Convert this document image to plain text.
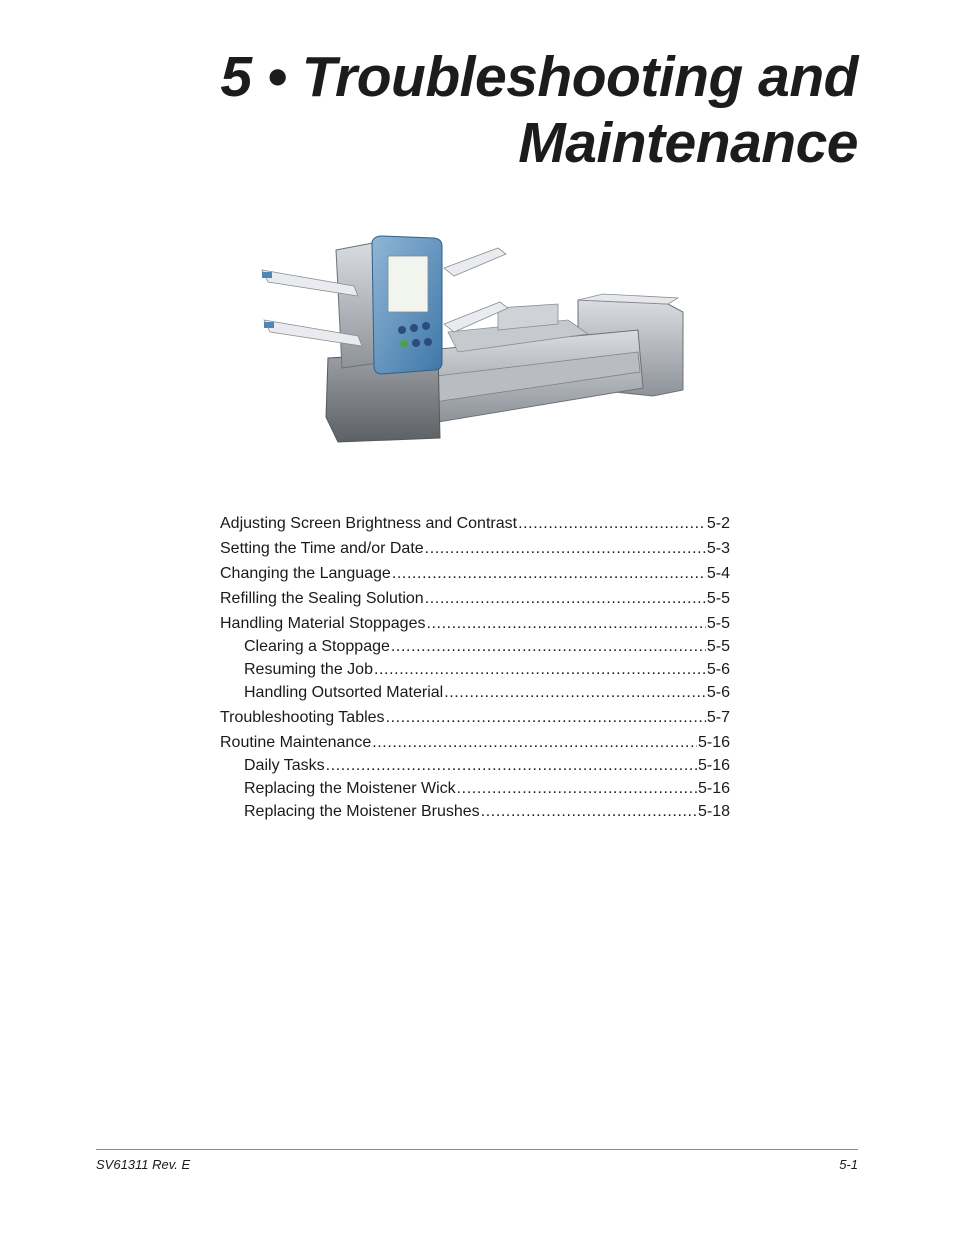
5 • Troubleshooting and
Maintenance
Adjusting Screen Brightness and Contrast .....	5-2
Setting the Time and/or Date .....	5-3
Changing the Language .....	5-4
Refilling the Sealing Solution .....	5-5
Handling Material Stoppages .....	5-5
Clearing a Stoppage .....	5-5
Resuming the Job .....	5-6
Handling Outsorted Material .....	5-6
Troubleshooting Tables .....	5-7
Routine Maintenance .....	5-16
Daily Tasks .....	5-16
Replacing the Moistener Wick .....	5-16
Replacing the Moistener Brushes .....	5-18
SV61311 Rev. E	5-1
